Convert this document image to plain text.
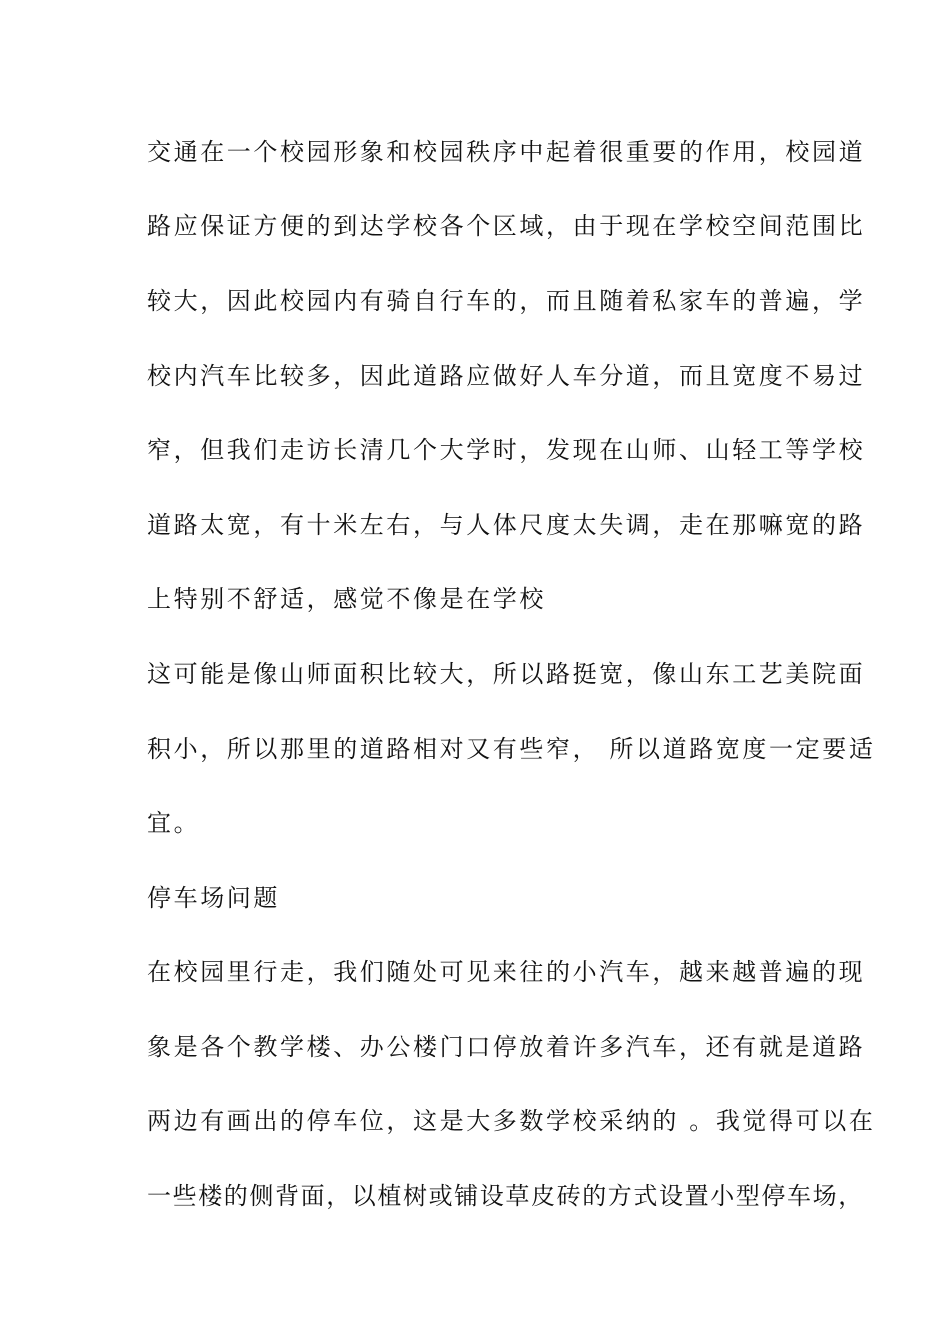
交通在一个校园形象和校园秩序中起着很重要的作用，校园道
路应保证方便的到达学校各个区域，由于现在学校空间范围比
较大，因此校园内有骑自行车的，而且随着私家车的普遍，学
校内汽车比较多，因此道路应做好人车分道，而且宽度不易过
窄，但我们走访长清几个大学时，发现在山师、山轻工等学校
道路太宽，有十米左右，与人体尺度太失调，走在那嘛宽的路
上特别不舒适，感觉不像是在学校
这可能是像山师面积比较大，所以路挺宽，像山东工艺美院面
积小，所以那里的道路相对又有些窄， 所以道路宽度一定要适
宜。
停车场问题
在校园里行走，我们随处可见来往的小汽车，越来越普遍的现
象是各个教学楼、办公楼门口停放着许多汽车，还有就是道路
两边有画出的停车位，这是大多数学校采纳的 。我觉得可以在
一些楼的侧背面，以植树或铺设草皮砖的方式设置小型停车场，
